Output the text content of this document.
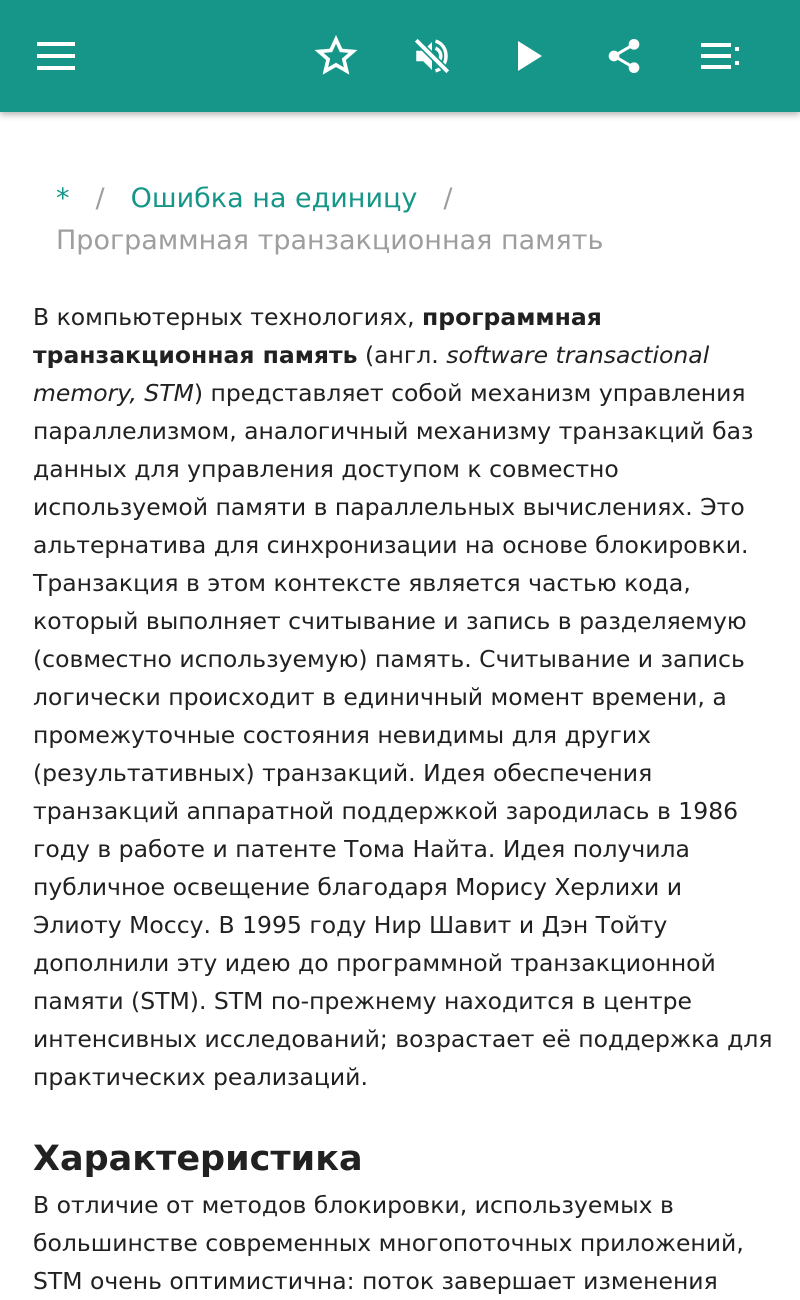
* / Ошибка на единицу /
Программная транзакционная память
В компьютерных технологиях, программная транзакционная память (англ. software transactional memory, STM) представляет собой механизм управления параллелизмом, аналогичный механизму транзакций баз данных для управления доступом к совместно используемой памяти в параллельных вычислениях. Это альтернатива для синхронизации на основе блокировки. Транзакция в этом контексте является частью кода, который выполняет считывание и запись в разделяемую (совместно используемую) память. Считывание и запись логически происходит в единичный момент времени, а промежуточные состояния невидимы для других (результативных) транзакций. Идея обеспечения транзакций аппаратной поддержкой зародилась в 1986 году в работе и патенте Тома Найта. Идея получила публичное освещение благодаря Морису Херлихи и Элиоту Моссу. В 1995 году Нир Шавит и Дэн Тойту дополнили эту идею до программной транзакционной памяти (STM). STM по-прежнему находится в центре интенсивных исследований; возрастает её поддержка для практических реализаций.
Характеристика
В отличие от методов блокировки, используемых в большинстве современных многопоточных приложений, STM очень оптимистична: поток завершает изменения
